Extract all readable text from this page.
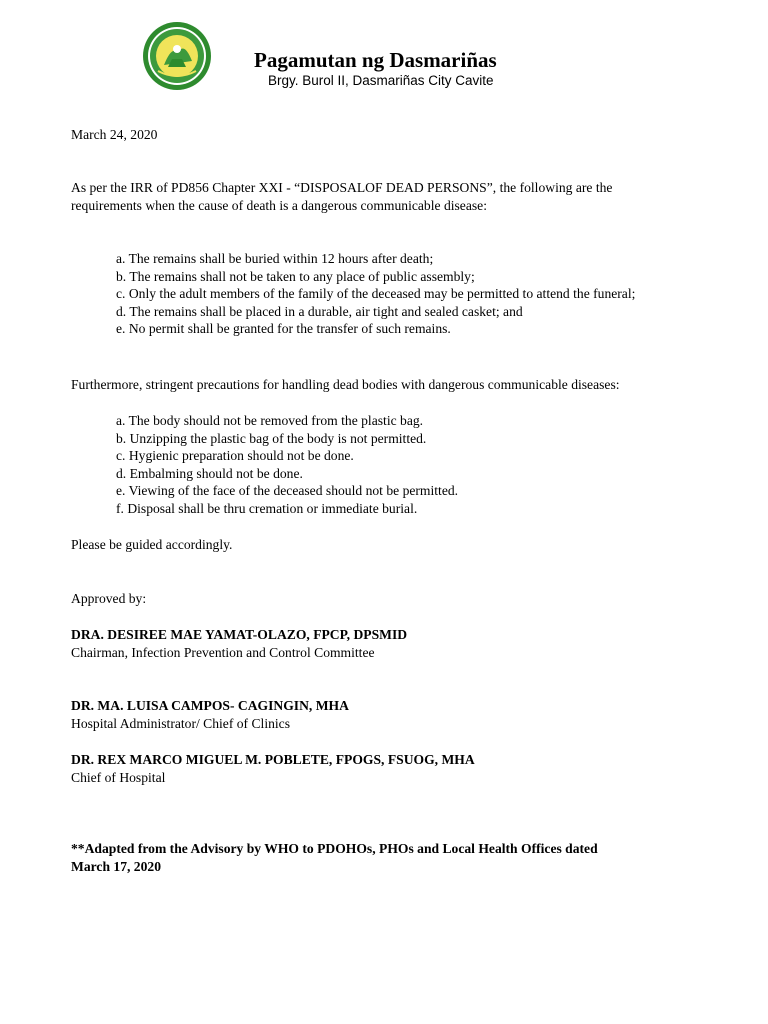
Pagamutan ng Dasmariñas
Brgy. Burol II, Dasmariñas City Cavite
March 24, 2020
As per the IRR of PD856 Chapter XXI - “DISPOSALOF DEAD PERSONS”, the following are the
requirements when the cause of death is a dangerous communicable disease:
a. The remains shall be buried within 12 hours after death;
b. The remains shall not be taken to any place of public assembly;
c. Only the adult members of the family of the deceased may be permitted to attend the funeral;
d. The remains shall be placed in a durable, air tight and sealed casket; and
e. No permit shall be granted for the transfer of such remains.
Furthermore, stringent precautions for handling dead bodies with dangerous communicable diseases:
a. The body should not be removed from the plastic bag.
b. Unzipping the plastic bag of the body is not permitted.
c. Hygienic preparation should not be done.
d. Embalming should not be done.
e. Viewing of the face of the deceased should not be permitted.
f. Disposal shall be thru cremation or immediate burial.
Please be guided accordingly.
Approved by:
DRA. DESIREE MAE YAMAT-OLAZO, FPCP, DPSMID
Chairman, Infection Prevention and Control Committee
DR. MA. LUISA CAMPOS- CAGINGIN, MHA
Hospital Administrator/ Chief of Clinics
DR. REX MARCO MIGUEL M. POBLETE, FPOGS, FSUOG, MHA
Chief of Hospital
**Adapted from the Advisory by WHO to PDOHOs, PHOs and Local Health Offices dated
March 17, 2020
